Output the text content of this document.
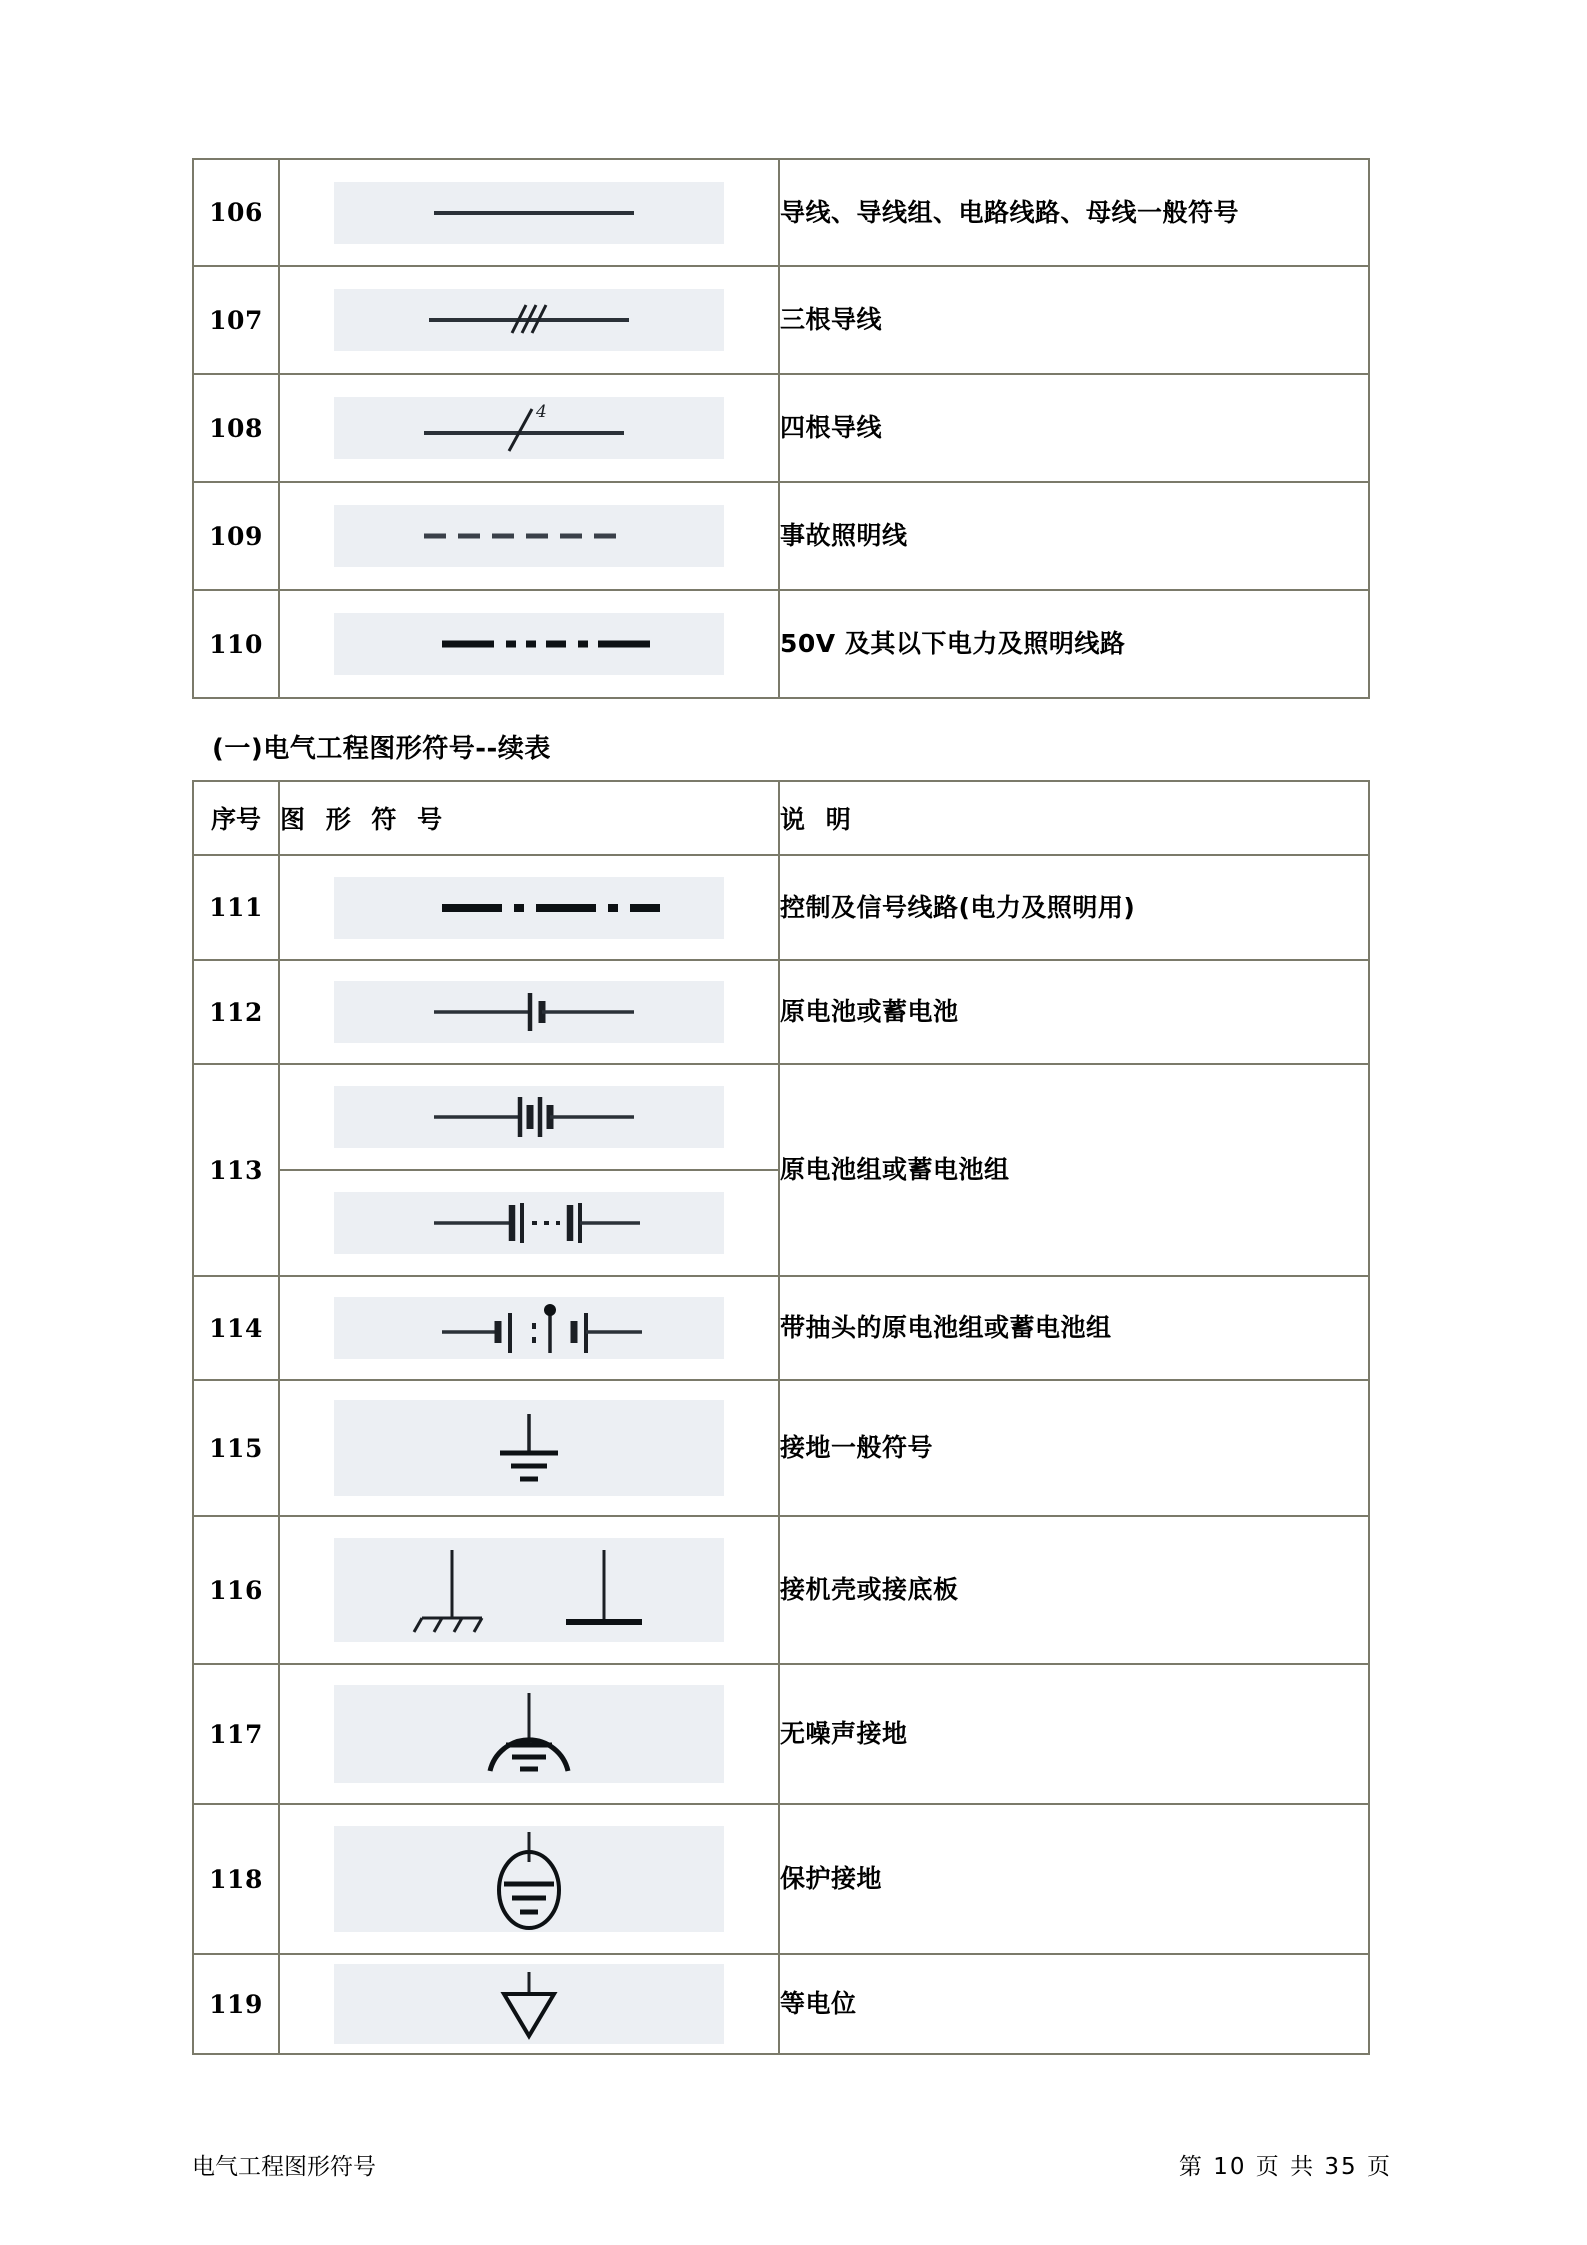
106		导线、导线组、电路线路、母线一般符号
107		三根导线
108	4	四根导线
109		事故照明线
110		50V 及其以下电力及照明线路
(一)电气工程图形符号--续表
序号	图 形 符 号	说 明
111		控制及信号线路(电力及照明用)
112		原电池或蓄电池
113		原电池组或蓄电池组

114		带抽头的原电池组或蓄电池组
115		接地一般符号
116		接机壳或接底板
117		无噪声接地
118		保护接地
119		等电位
电气工程图形符号	第 10 页 共 35 页
